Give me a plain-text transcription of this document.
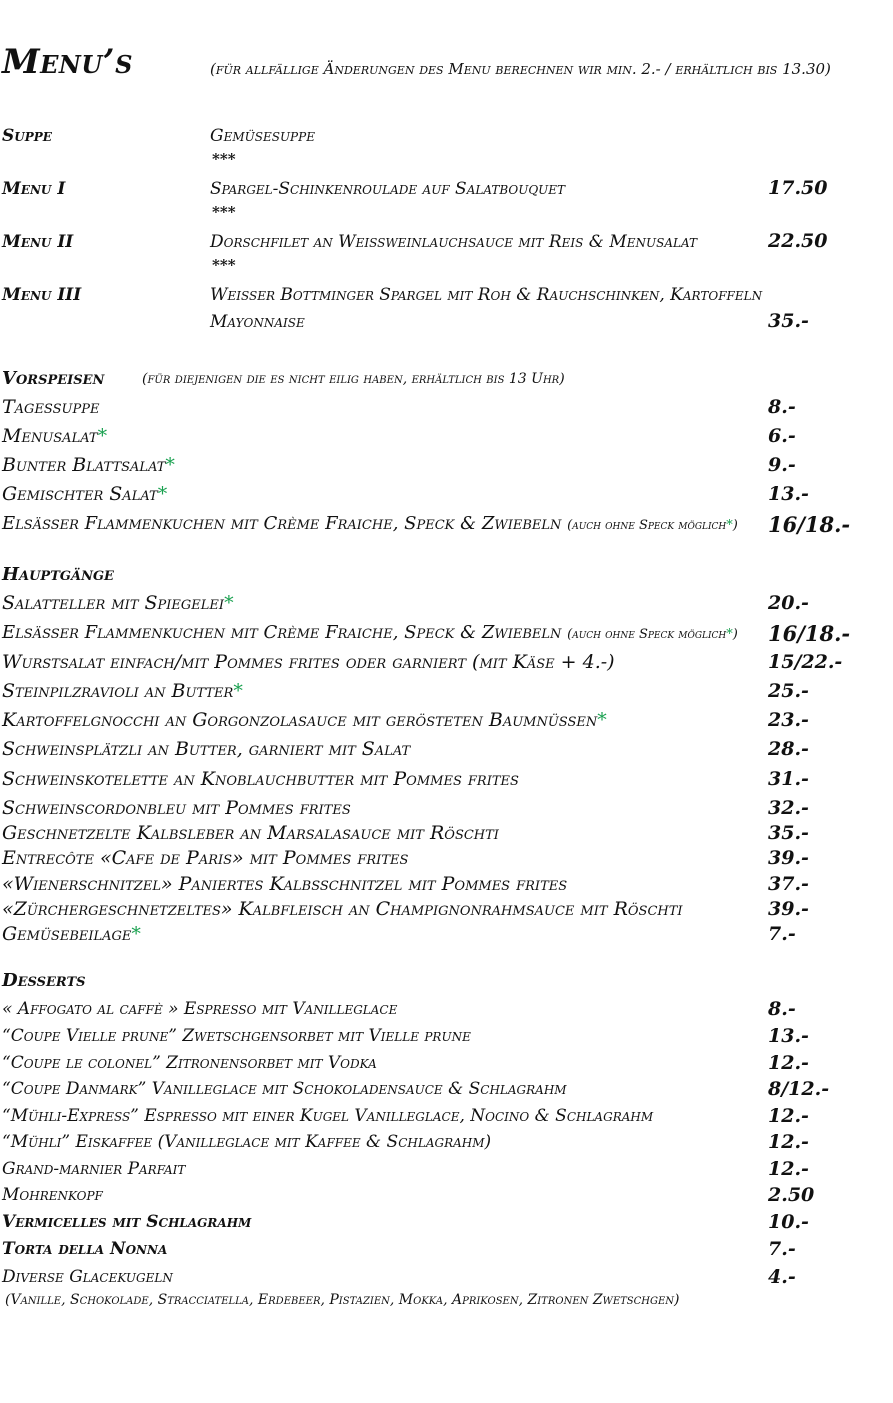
Menu’s	(für allfällige Änderungen des Menu berechnen wir min. 2.- / erhältlich bis 13.30)
Suppe	Gemüsesuppe
***
Menu I	Spargel-Schinkenroulade auf Salatbouquet	17.50
***
Menu II	Dorschfilet an Weissweinlauchsauce mit Reis & Menusalat	22.50
***
Menu III	Weisser Bottminger Spargel mit Roh & Rauchschinken, Kartoffeln
Mayonnaise	35.-
Vorspeisen	(für diejenigen die es nicht eilig haben, erhältlich bis 13 Uhr)
Tagessuppe	8.-
Menusalat*	6.-
Bunter Blattsalat*	9.-
Gemischter Salat*	13.-
Elsässer Flammenkuchen mit Crème Fraiche, Speck & Zwiebeln (auch ohne Speck möglich*) 16/18.-
Hauptgänge
Salatteller mit Spiegelei*	20.-
Elsässer Flammenkuchen mit Crème Fraiche, Speck & Zwiebeln (auch ohne Speck möglich*) 16/18.-
Wurstsalat einfach/mit Pommes frites oder garniert (mit Käse + 4.-)	15/22.-
Steinpilzravioli an Butter*	25.-
Kartoffelgnocchi an Gorgonzolasauce mit gerösteten Baumnüssen*	23.-
Schweinsplätzli an Butter, garniert mit Salat	28.-
Schweinskotelette an Knoblauchbutter mit Pommes frites	31.-
Schweinscordonbleu mit Pommes frites	32.-
Geschnetzelte Kalbsleber an Marsalasauce mit Röschti	35.-
Entrecôte «Cafe de Paris» mit Pommes frites	39.-
«Wienerschnitzel» Paniertes Kalbsschnitzel mit Pommes frites	37.-
«Zürchergeschnetzeltes» Kalbfleisch an Champignonrahmsauce mit Röschti	39.-
Gemüsebeilage*	7.-
Desserts
« Affogato al caffè » Espresso mit Vanilleglace	8.-
“Coupe Vielle prune” Zwetschgensorbet mit Vielle prune	13.-
“Coupe le colonel” Zitronensorbet mit Vodka	12.-
“Coupe Danmark” Vanilleglace mit Schokoladensauce & Schlagrahm	8/12.-
“Mühli-Express” Espresso mit einer Kugel Vanilleglace, Nocino & Schlagrahm	12.-
“Mühli” Eiskaffee (Vanilleglace mit Kaffee & Schlagrahm)	12.-
Grand-marnier Parfait	12.-
Mohrenkopf	2.50
Vermicelles mit Schlagrahm	10.-
Torta della Nonna	7.-
Diverse Glacekugeln	4.-
(Vanille, Schokolade, Stracciatella, Erdebeer, Pistazien, Mokka, Aprikosen, Zitronen Zwetschgen)
